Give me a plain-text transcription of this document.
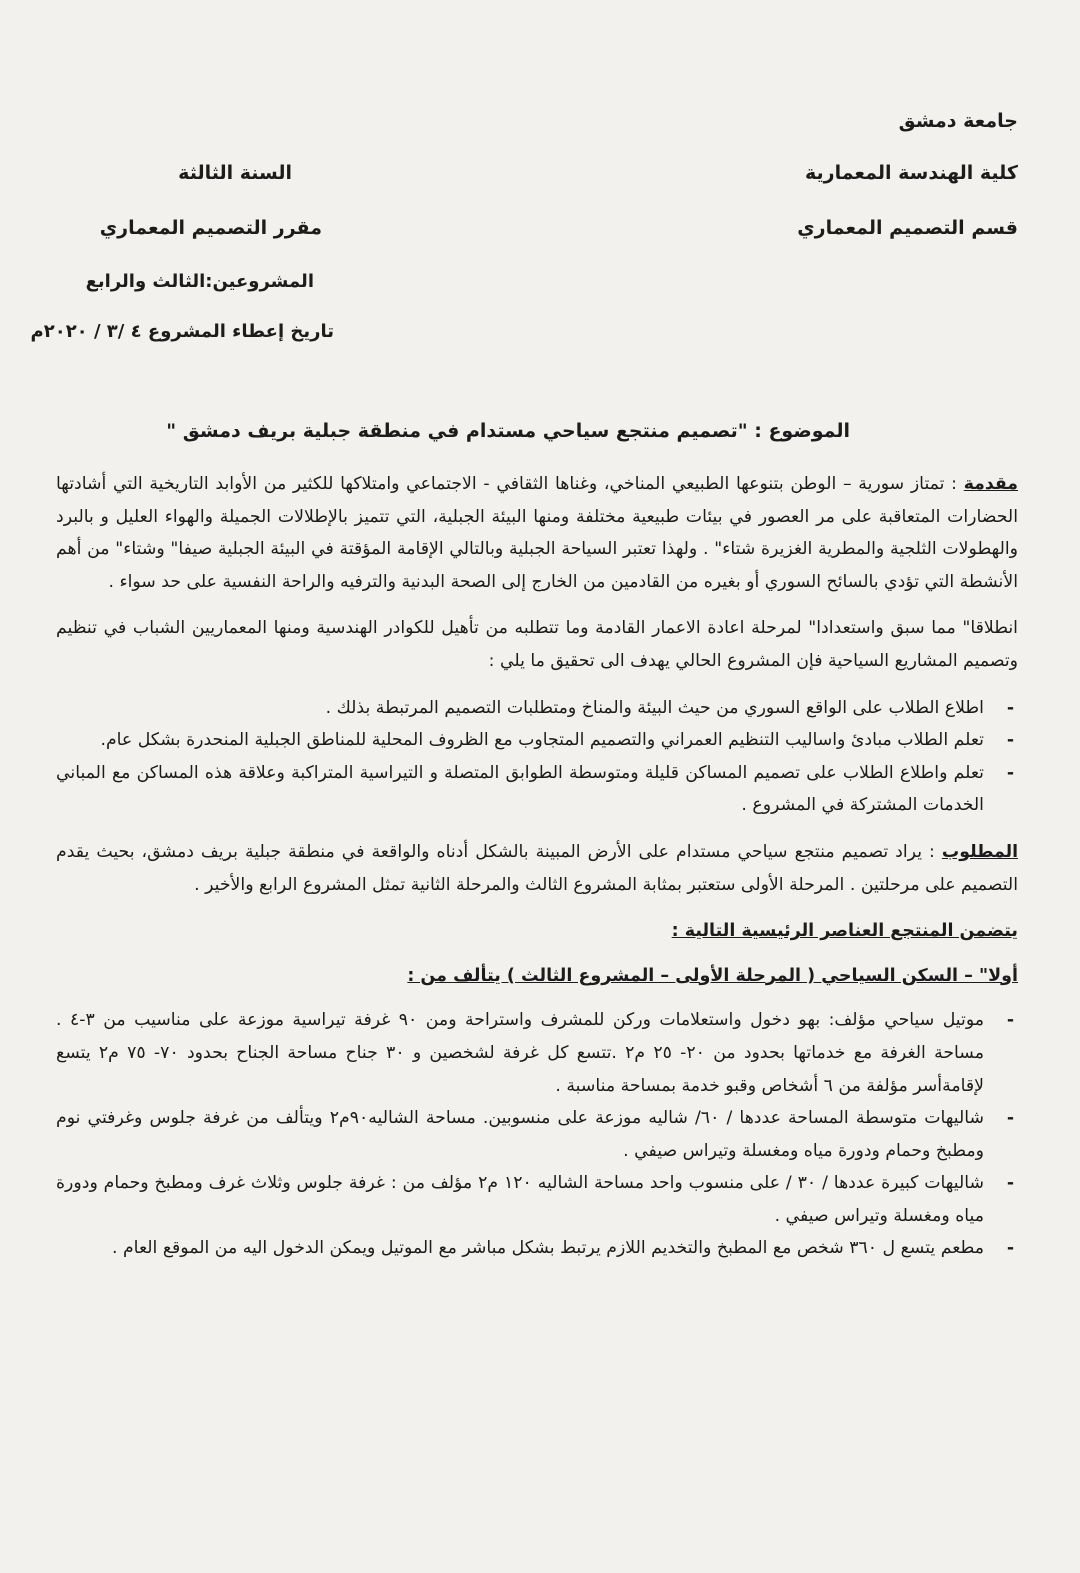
جامعة دمشق
كلية الهندسة المعمارية
قسم التصميم المعماري
السنة الثالثة
مقرر التصميم المعماري
المشروعين:الثالث والرابع
تاريخ إعطاء المشروع ٤ /٣ / ٢٠٢٠م
الموضوع : "تصميم منتجع سياحي مستدام في منطقة جبلية بريف دمشق "

مقدمة : تمتاز سورية – الوطن بتنوعها الطبيعي المناخي، وغناها الثقافي - الاجتماعي وامتلاكها للكثير من الأوابد التاريخية التي أشادتها الحضارات المتعاقبة على مر العصور في بيئات طبيعية مختلفة ومنها البيئة الجبلية، التي تتميز بالإطلالات الجميلة والهواء العليل و بالبرد والهطولات الثلجية والمطرية الغزيرة شتاء" . ولهذا تعتبر السياحة الجبلية وبالتالي الإقامة المؤقتة في البيئة الجبلية صيفا" وشتاء" من أهم الأنشطة التي تؤدي بالسائح السوري أو بغيره من القادمين من الخارج إلى الصحة البدنية والترفيه والراحة النفسية على حد سواء .

انطلاقا" مما سبق واستعدادا" لمرحلة اعادة الاعمار القادمة وما تتطلبه من تأهيل للكوادر الهندسية ومنها المعماريين الشباب في تنظيم وتصميم المشاريع السياحية فإن المشروع الحالي يهدف الى تحقيق ما يلي :

- اطلاع الطلاب على الواقع السوري من حيث البيئة والمناخ ومتطلبات التصميم المرتبطة بذلك .
- تعلم الطلاب مبادئ واساليب التنظيم العمراني والتصميم المتجاوب مع الظروف المحلية للمناطق الجبلية المنحدرة بشكل عام.
- تعلم واطلاع الطلاب على تصميم المساكن قليلة ومتوسطة الطوابق المتصلة و التيراسية المتراكبة وعلاقة هذه المساكن مع المباني الخدمات المشتركة في المشروع .

المطلوب : يراد تصميم منتجع سياحي مستدام على الأرض المبينة بالشكل أدناه والواقعة في منطقة جبلية بريف دمشق، بحيث يقدم التصميم على مرحلتين . المرحلة الأولى ستعتبر بمثابة المشروع الثالث والمرحلة الثانية تمثل المشروع الرابع والأخير .

يتضمن المنتجع العناصر الرئيسية التالية :
أولا" – السكن السياحي ( المرحلة الأولى – المشروع الثالث ) يتألف من :
- موتيل سياحي مؤلف: بهو دخول واستعلامات وركن للمشرف واستراحة ومن ٩٠ غرفة تيراسية موزعة على مناسيب من ٣-٤ . مساحة الغرفة مع خدماتها بحدود من ٢٠- ٢٥ م٢ .تتسع كل غرفة لشخصين و ٣٠ جناح مساحة الجناح بحدود ٧٠- ٧٥ م٢ يتسع لإقامةأسر مؤلفة من ٦ أشخاص وقبو خدمة بمساحة مناسبة .
- شاليهات متوسطة المساحة عددها / ٦٠/ شاليه موزعة على منسوبين. مساحة الشاليه٩٠م٢ ويتألف من غرفة جلوس وغرفتي نوم ومطبخ وحمام ودورة مياه ومغسلة وتيراس صيفي .
- شاليهات كبيرة عددها / ٣٠ / على منسوب واحد مساحة الشاليه ١٢٠ م٢ مؤلف من : غرفة جلوس وثلاث غرف ومطبخ وحمام ودورة مياه ومغسلة وتيراس صيفي .
- مطعم يتسع ل ٣٦٠ شخص مع المطبخ والتخديم اللازم يرتبط بشكل مباشر مع الموتيل ويمكن الدخول اليه من الموقع العام .
